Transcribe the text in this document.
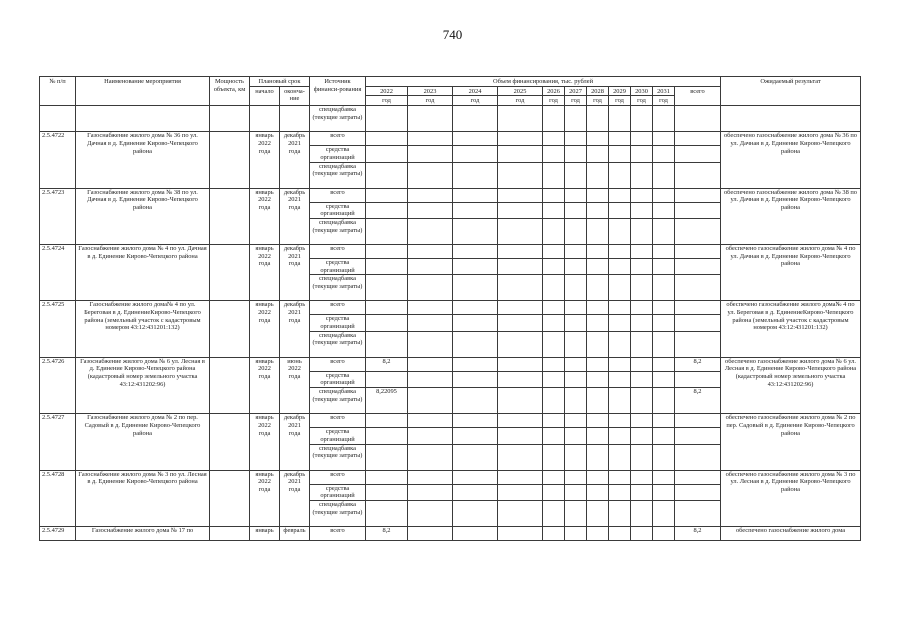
740
№ п/п	Наименование мероприятия	Мощность объекта, км	Плановый срок		Источник финанси-рования	Объем финансирования, тыс. рублей											Ожидаемый результат
			начало	оконча-ние		2022	2023	2024	2025	2026	2027	2028	2029	2030	2031	всего	
						год	год	год	год	год	год	год	год	год	год		
					спецнадбавка (текущие затраты)												
2.5.4722	Газоснабжение жилого дома № 36 по ул. Дачная в д. Единение Кирово-Чепецкого района		январь 2022 года	декабрь 2021 года	всего												обеспечено газоснабжение жилого дома № 36 по ул. Дачная в д. Единение Кирово-Чепецкого района
					средства организаций												
					спецнадбавка (текущие затраты)												
2.5.4723	Газоснабжение жилого дома № 38 по ул. Дачная в д. Единение Кирово-Чепецкого района		январь 2022 года	декабрь 2021 года	всего												обеспечено газоснабжение жилого дома № 38 по ул. Дачная в д. Единение Кирово-Чепецкого района
					средства организаций												
					спецнадбавка (текущие затраты)												
2.5.4724	Газоснабжение жилого дома № 4 по ул. Дачная в д. Единение Кирово-Чепецкого района		январь 2022 года	декабрь 2021 года	всего												обеспечено газоснабжение жилого дома № 4 по ул. Дачная в д. Единение Кирово-Чепецкого района
					средства организаций												
					спецнадбавка (текущие затраты)												
2.5.4725	Газоснабжение жилого дома№ 4 по ул. Береговая в д. ЕдинениеКирово-Чепецкого района (земельный участок с кадастровым номером 43:12:431201:132)		январь 2022 года	декабрь 2021 года	всего												обеспечено газоснабжение жилого дома№ 4 по ул. Береговая в д. ЕдинениеКирово-Чепецкого района (земельный участок с кадастровым номером 43:12:431201:132)
					средства организаций												
					спецнадбавка (текущие затраты)												
2.5.4726	Газоснабжение жилого дома № 6 ул. Лесная в д. Единение Кирово-Чепецкого района (кадастровый номер земельного участка 43:12:431202:96)		январь 2022 года	июнь 2022 года	всего	8,2										8,2	обеспечено газоснабжение жилого дома № 6 ул. Лесная в д. Единение Кирово-Чепецкого района (кадастровый номер земельного участка 43:12:431202:96)
					средства организаций												
					спецнадбавка (текущие затраты)	8,22095										8,2	
2.5.4727	Газоснабжение жилого дома № 2 по пер. Садовый в д. Единение Кирово-Чепецкого района		январь 2022 года	декабрь 2021 года	всего												обеспечено газоснабжение жилого дома № 2 по пер. Садовый в д. Единение Кирово-Чепецкого района
					средства организаций												
					спецнадбавка (текущие затраты)												
2.5.4728	Газоснабжение жилого дома № 3 по ул. Лесная в д. Единение Кирово-Чепецкого района		январь 2022 года	декабрь 2021 года	всего												обеспечено газоснабжение жилого дома № 3 по ул. Лесная в д. Единение Кирово-Чепецкого района
					средства организаций												
					спецнадбавка (текущие затраты)												
2.5.4729	Газоснабжение жилого дома № 17 по		январь	февраль	всего	8,2										8,2	обеспечено газоснабжение жилого дома
